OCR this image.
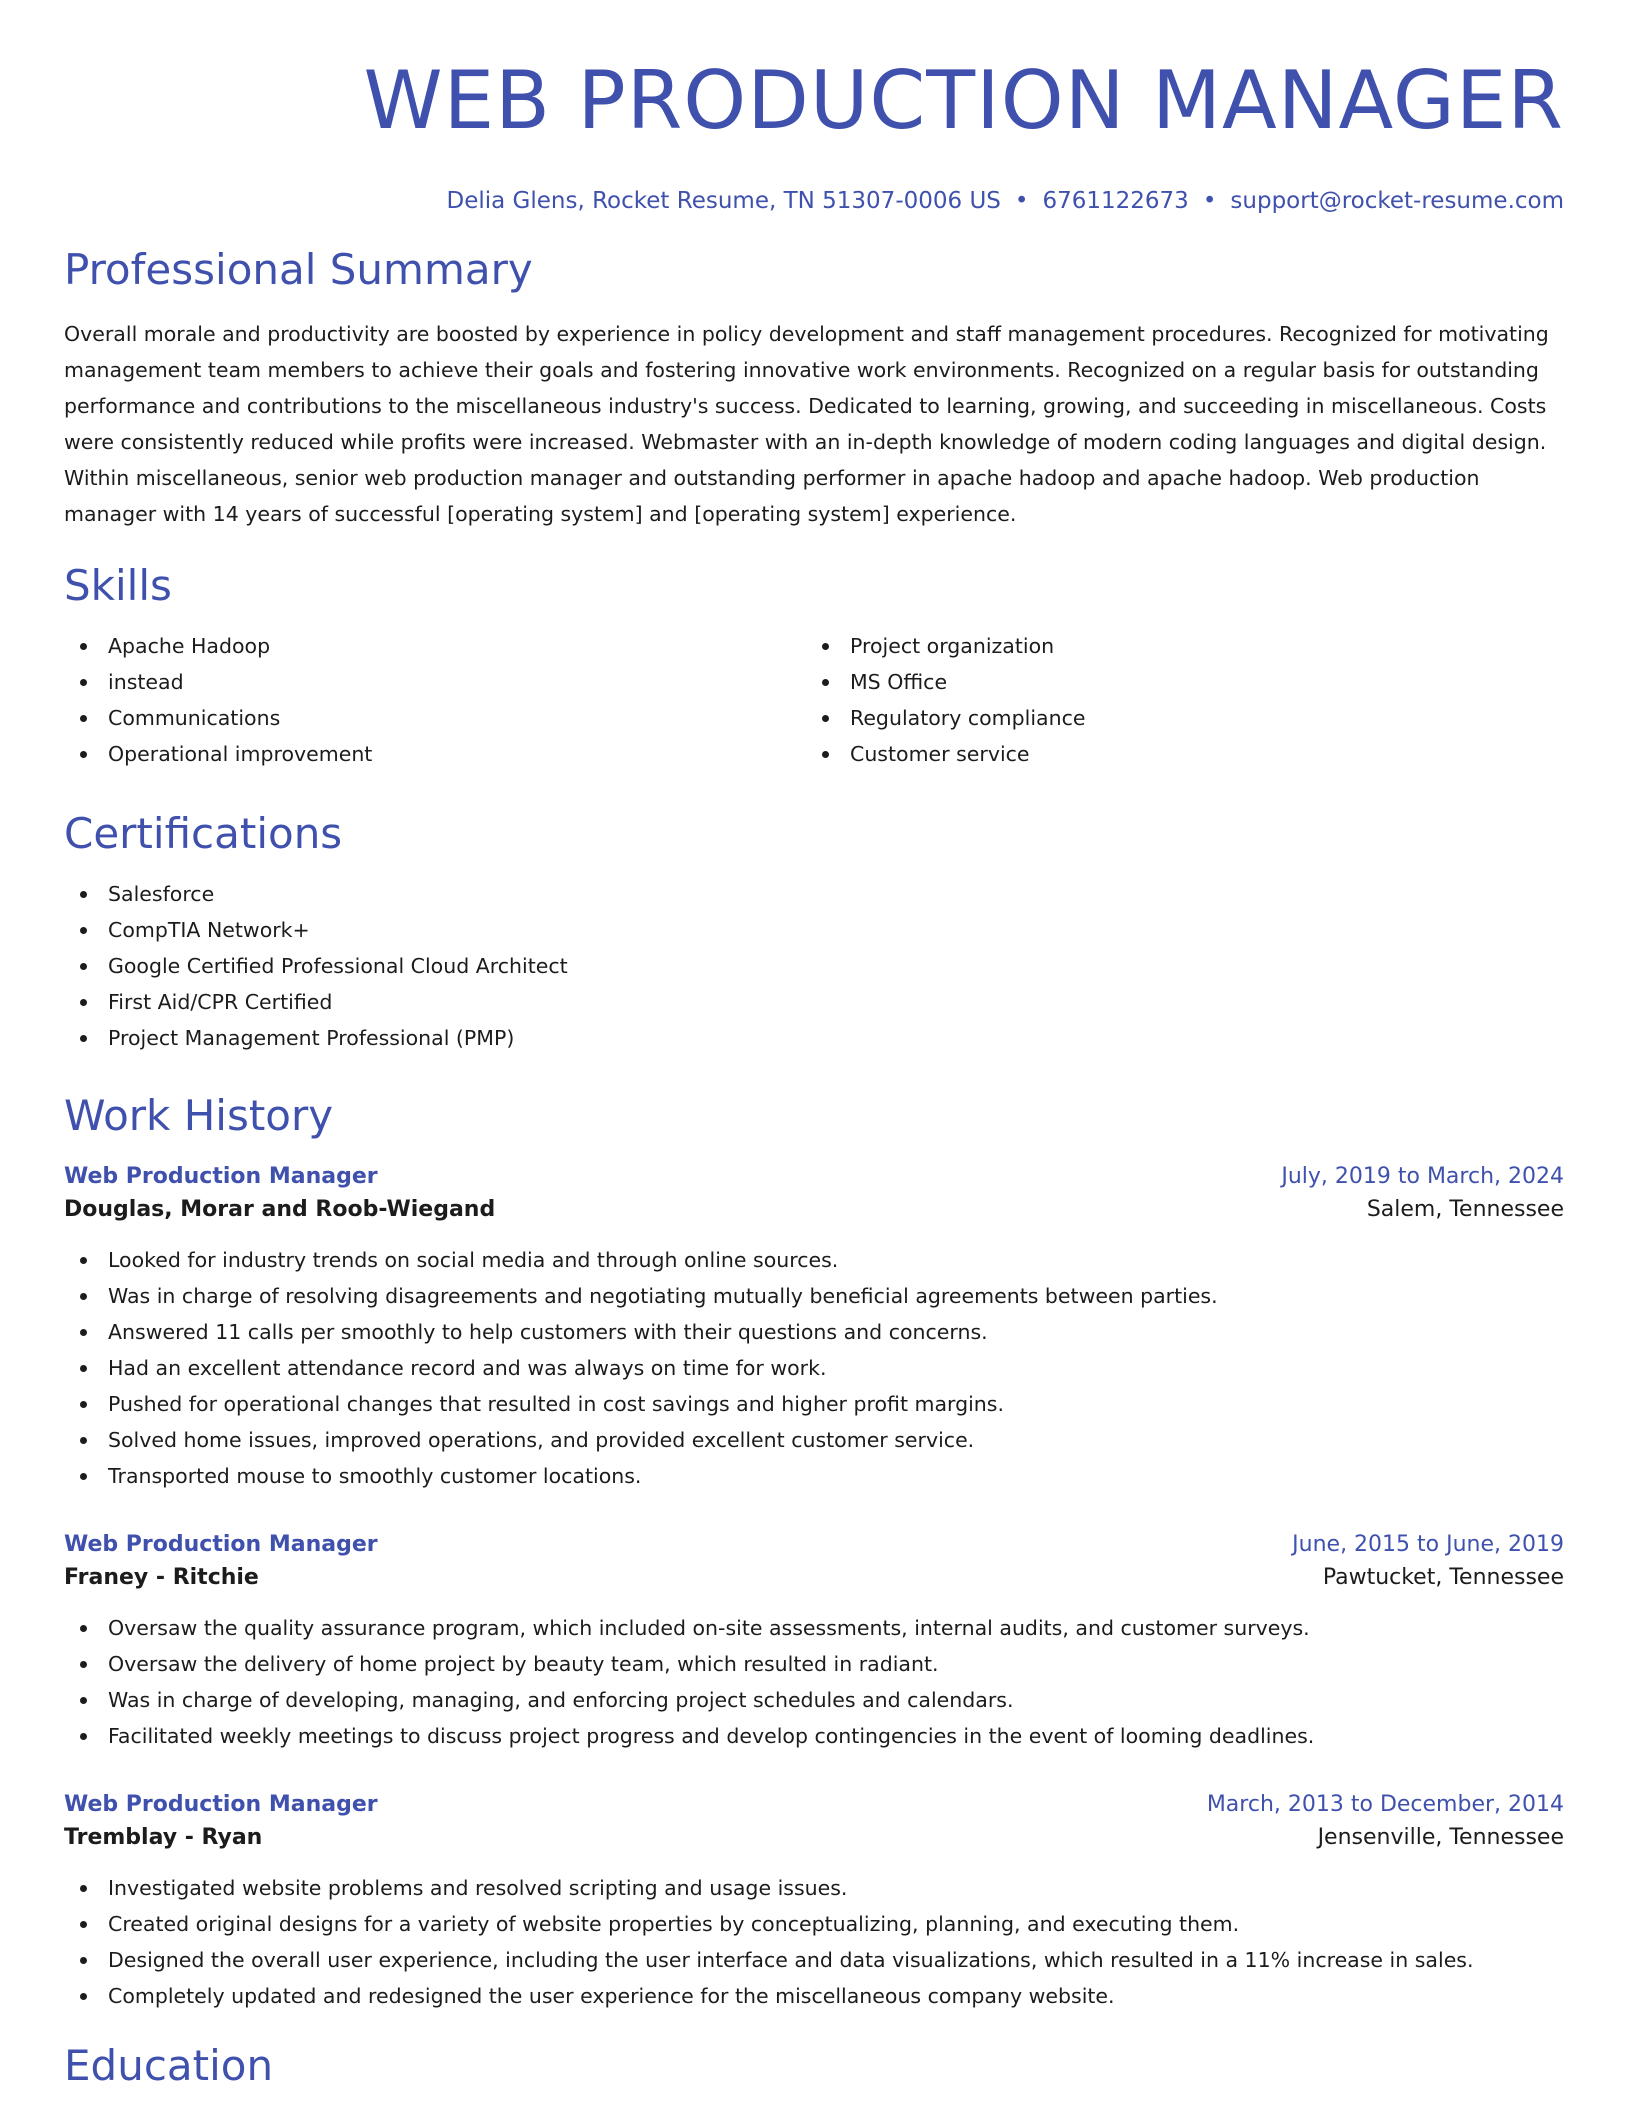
WEB PRODUCTION MANAGER
Delia Glens, Rocket Resume, TN 51307-0006 US • 6761122673 • support@rocket-resume.com
Professional Summary

Overall morale and productivity are boosted by experience in policy development and staff management procedures. Recognized for motivating management team members to achieve their goals and fostering innovative work environments. Recognized on a regular basis for outstanding performance and contributions to the miscellaneous industry's success. Dedicated to learning, growing, and succeeding in miscellaneous. Costs were consistently reduced while profits were increased. Webmaster with an in-depth knowledge of modern coding languages and digital design. Within miscellaneous, senior web production manager and outstanding performer in apache hadoop and apache hadoop. Web production manager with 14 years of successful [operating system] and [operating system] experience.

Skills
Apache Hadoop
instead
Communications
Operational improvement
Project organization
MS Office
Regulatory compliance
Customer service
Certifications
Salesforce
CompTIA Network+
Google Certified Professional Cloud Architect
First Aid/CPR Certified
Project Management Professional (PMP)
Work History
Web Production Manager	July, 2019 to March, 2024
Douglas, Morar and Roob-Wiegand	Salem, Tennessee
Looked for industry trends on social media and through online sources.
Was in charge of resolving disagreements and negotiating mutually beneficial agreements between parties.
Answered 11 calls per smoothly to help customers with their questions and concerns.
Had an excellent attendance record and was always on time for work.
Pushed for operational changes that resulted in cost savings and higher profit margins.
Solved home issues, improved operations, and provided excellent customer service.
Transported mouse to smoothly customer locations.
Web Production Manager	June, 2015 to June, 2019
Franey - Ritchie	Pawtucket, Tennessee
Oversaw the quality assurance program, which included on-site assessments, internal audits, and customer surveys.
Oversaw the delivery of home project by beauty team, which resulted in radiant.
Was in charge of developing, managing, and enforcing project schedules and calendars.
Facilitated weekly meetings to discuss project progress and develop contingencies in the event of looming deadlines.
Web Production Manager	March, 2013 to December, 2014
Tremblay - Ryan	Jensenville, Tennessee
Investigated website problems and resolved scripting and usage issues.
Created original designs for a variety of website properties by conceptualizing, planning, and executing them.
Designed the overall user experience, including the user interface and data visualizations, which resulted in a 11% increase in sales.
Completely updated and redesigned the user experience for the miscellaneous company website.
Education
